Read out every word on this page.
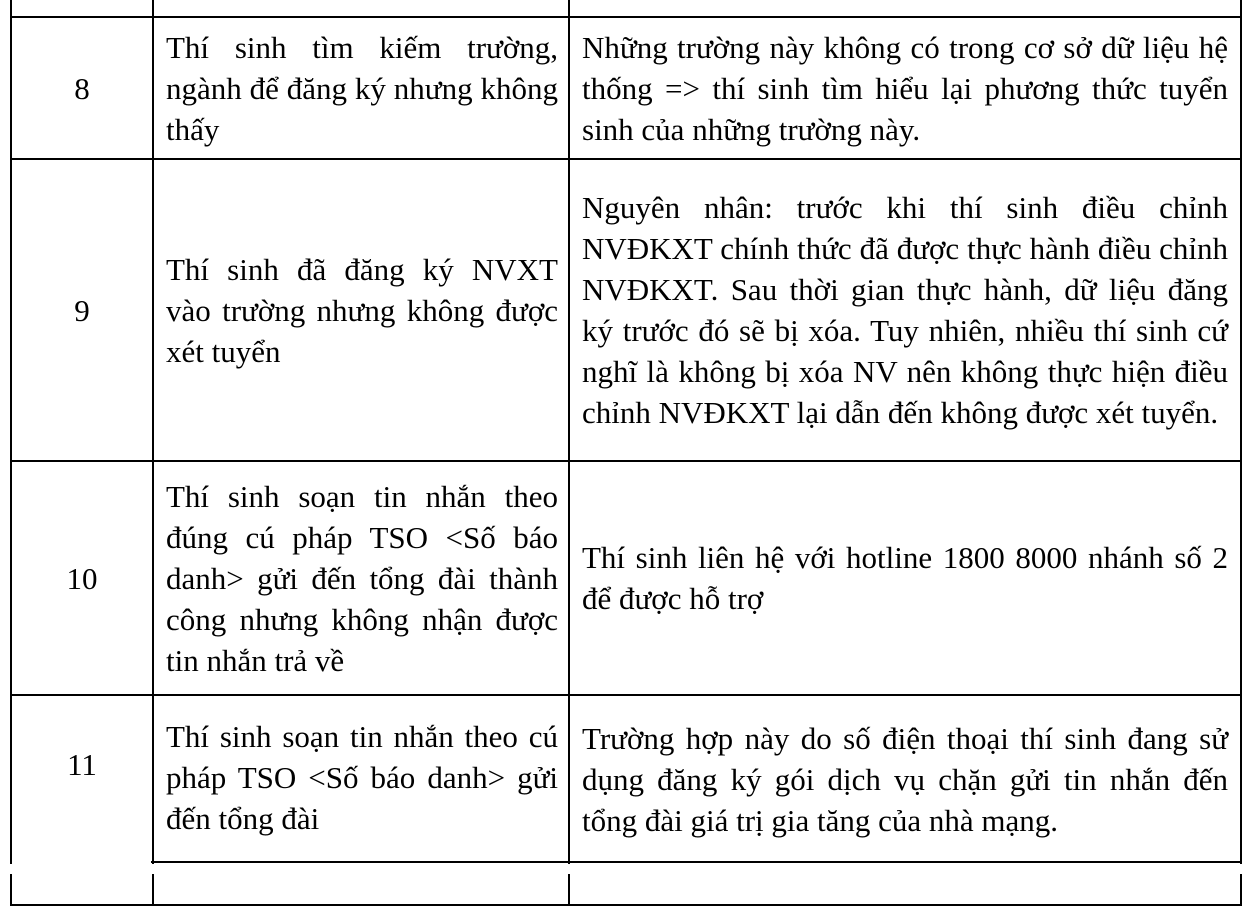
8	Thí sinh tìm kiếm trường, ngành để đăng ký nhưng không thấy	Những trường này không có trong cơ sở dữ liệu hệ thống => thí sinh tìm hiểu lại phương thức tuyển sinh của những trường này.

9	Thí sinh đã đăng ký NVXT vào trường nhưng không được xét tuyển	Nguyên nhân: trước khi thí sinh điều chỉnh NVĐKXT chính thức đã được thực hành điều chỉnh NVĐKXT. Sau thời gian thực hành, dữ liệu đăng ký trước đó sẽ bị xóa. Tuy nhiên, nhiều thí sinh cứ nghĩ là không bị xóa NV nên không thực hiện điều chỉnh NVĐKXT lại dẫn đến không được xét tuyển.

10	Thí sinh soạn tin nhắn theo đúng cú pháp TSO <Số báo danh> gửi đến tổng đài thành công nhưng không nhận được tin nhắn trả về	Thí sinh liên hệ với hotline 1800 8000 nhánh số 2 để được hỗ trợ

11	Thí sinh soạn tin nhắn theo cú pháp TSO <Số báo danh> gửi đến tổng đài	Trường hợp này do số điện thoại thí sinh đang sử dụng đăng ký gói dịch vụ chặn gửi tin nhắn đến tổng đài giá trị gia tăng của nhà mạng.
